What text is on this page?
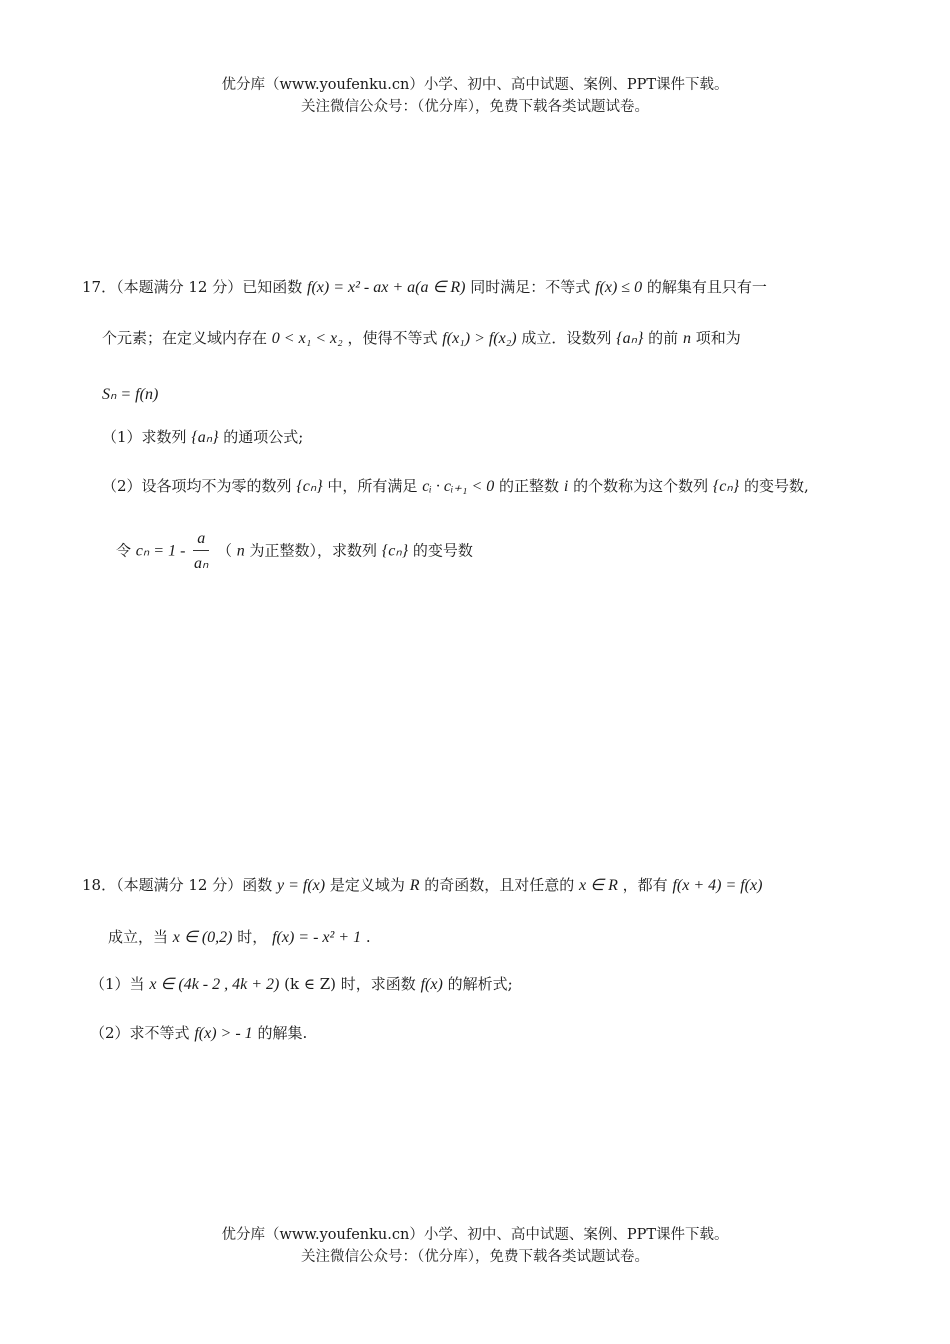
优分库（www.youfenku.cn）小学、初中、高中试题、案例、PPT课件下载。

关注微信公众号：（优分库），免费下载各类试题试卷。

17．（本题满分 12 分）已知函数 f(x) = x² - ax + a(a ∈ R) 同时满足：不等式 f(x) ≤ 0 的解集有且只有一
个元素；在定义域内存在 0 < x₁ < x₂ ，使得不等式 f(x₁) > f(x₂) 成立．设数列 {aₙ} 的前 n 项和为
Sₙ = f(n)
（1）求数列 {aₙ} 的通项公式;
（2）设各项均不为零的数列 {cₙ} 中，所有满足 cᵢ · cᵢ₊₁ < 0 的正整数 i 的个数称为这个数列 {cₙ} 的变号数,
令 $c_n = 1 - \frac{a}{\text{aₙ}}$ （ n 为正整数），求数列 {cₙ} 的变号数
18．（本题满分 12 分）函数 y = f(x) 是定义域为 R 的奇函数，且对任意的 x ∈ R ，都有 f(x + 4) = f(x)
成立，当 x ∈ (0,2) 时， f(x) = - x² + 1 .
（1）当 x ∈ (4k - 2 , 4k + 2) (k ∈ Z) 时，求函数 f(x) 的解析式;
（2）求不等式 f(x) > - 1 的解集.

优分库（www.youfenku.cn）小学、初中、高中试题、案例、PPT课件下载。

关注微信公众号：（优分库），免费下载各类试题试卷。
